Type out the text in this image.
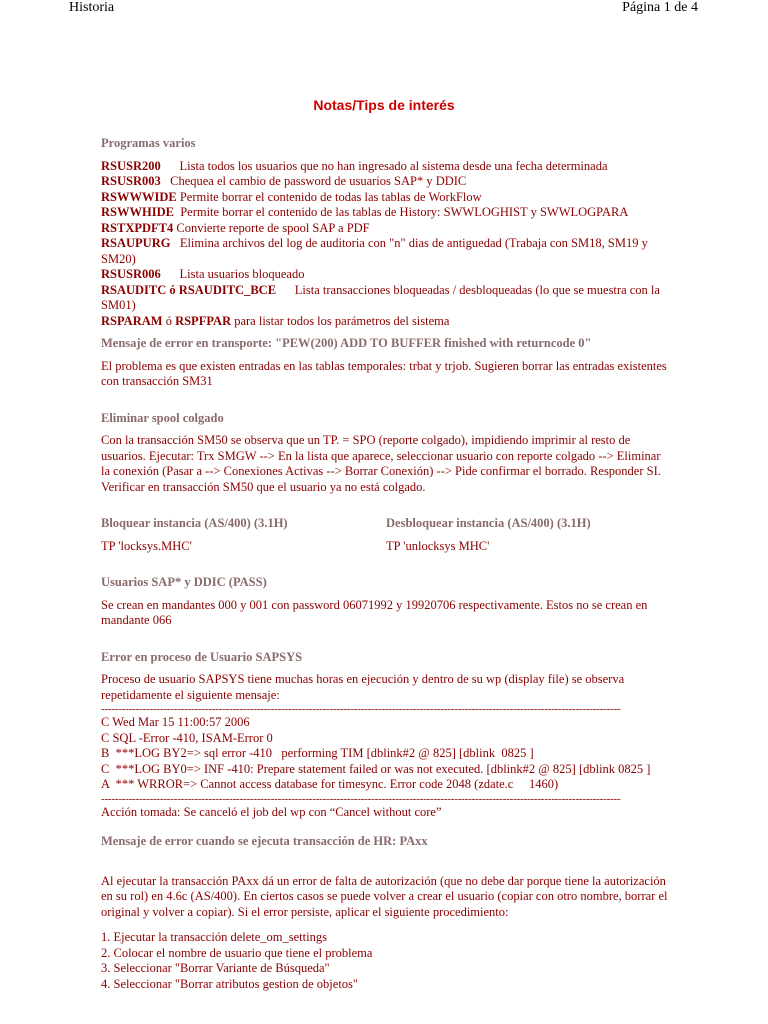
Historia	Página 1 de 4
Notas/Tips de interés

Programas varios

RSUSR200      Lista todos los usuarios que no han ingresado al sistema desde una fecha determinada

RSUSR003   Chequea el cambio de password de usuarios SAP* y DDIC

RSWWWIDE Permite borrar el contenido de todas las tablas de WorkFlow

RSWWHIDE  Permite borrar el contenido de las tablas de History: SWWLOGHIST y SWWLOGPARA

RSTXPDFT4 Convierte reporte de spool SAP a PDF

RSAUPURG   Elimina archivos del log de auditoria con "n" dias de antiguedad (Trabaja con SM18, SM19 y SM20)

RSUSR006      Lista usuarios bloqueado

RSAUDITC ó RSAUDITC_BCE      Lista transacciones bloqueadas / desbloqueadas (lo que se muestra con la SM01)

RSPARAM ó RSPFPAR para listar todos los parámetros del sistema

Mensaje de error en transporte: "PEW(200) ADD TO BUFFER finished with returncode 0"

El problema es que existen entradas en las tablas temporales: trbat y trjob. Sugieren borrar las entradas existentes con transacción SM31

Eliminar spool colgado

Con la transacción SM50 se observa que un TP. = SPO (reporte colgado), impidiendo imprimir al resto de usuarios. Ejecutar: Trx SMGW --> En la lista que aparece, seleccionar usuario con reporte colgado --> Eliminar la conexión (Pasar a --> Conexiones Activas --> Borrar Conexión) --> Pide confirmar el borrado. Responder SI.

Verificar en transacción SM50 que el usuario ya no está colgado.

Bloquear instancia (AS/400) (3.1H)

TP 'locksys.MHC'

Desbloquear instancia (AS/400) (3.1H)

TP 'unlocksys MHC'

Usuarios SAP* y DDIC (PASS)

Se crean en mandantes 000 y 001 con password 06071992 y 19920706 respectivamente. Estos no se crean en mandante 066

Error en proceso de Usuario SAPSYS

Proceso de usuario SAPSYS tiene muchas horas en ejecución y dentro de su wp (display file) se observa repetidamente el siguiente mensaje:

------------------------------------------------------------------------------------------------------------------------------------------------------

C Wed Mar 15 11:00:57 2006

C SQL -Error -410, ISAM-Error 0

B  ***LOG BY2=> sql error -410   performing TIM [dblink#2 @ 825] [dblink  0825 ]

C  ***LOG BY0=> INF -410: Prepare statement failed or was not executed. [dblink#2 @ 825] [dblink 0825 ]

A  *** WRROR=> Cannot access database for timesync. Error code 2048 (zdate.c     1460)

------------------------------------------------------------------------------------------------------------------------------------------------------

Acción tomada: Se canceló el job del wp con “Cancel without core”

Mensaje de error cuando se ejecuta transacción de HR: PAxx

Al ejecutar la transacción PAxx dá un error de falta de autorización (que no debe dar porque tiene la autorización en su rol) en 4.6c (AS/400). En ciertos casos se puede volver a crear el usuario (copiar con otro nombre, borrar el original y volver a copiar). Si el error persiste, aplicar el siguiente procedimiento:

1. Ejecutar la transacción delete_om_settings

2. Colocar el nombre de usuario que tiene el problema

3. Seleccionar "Borrar Variante de Búsqueda"

4. Seleccionar "Borrar atributos gestion de objetos"
